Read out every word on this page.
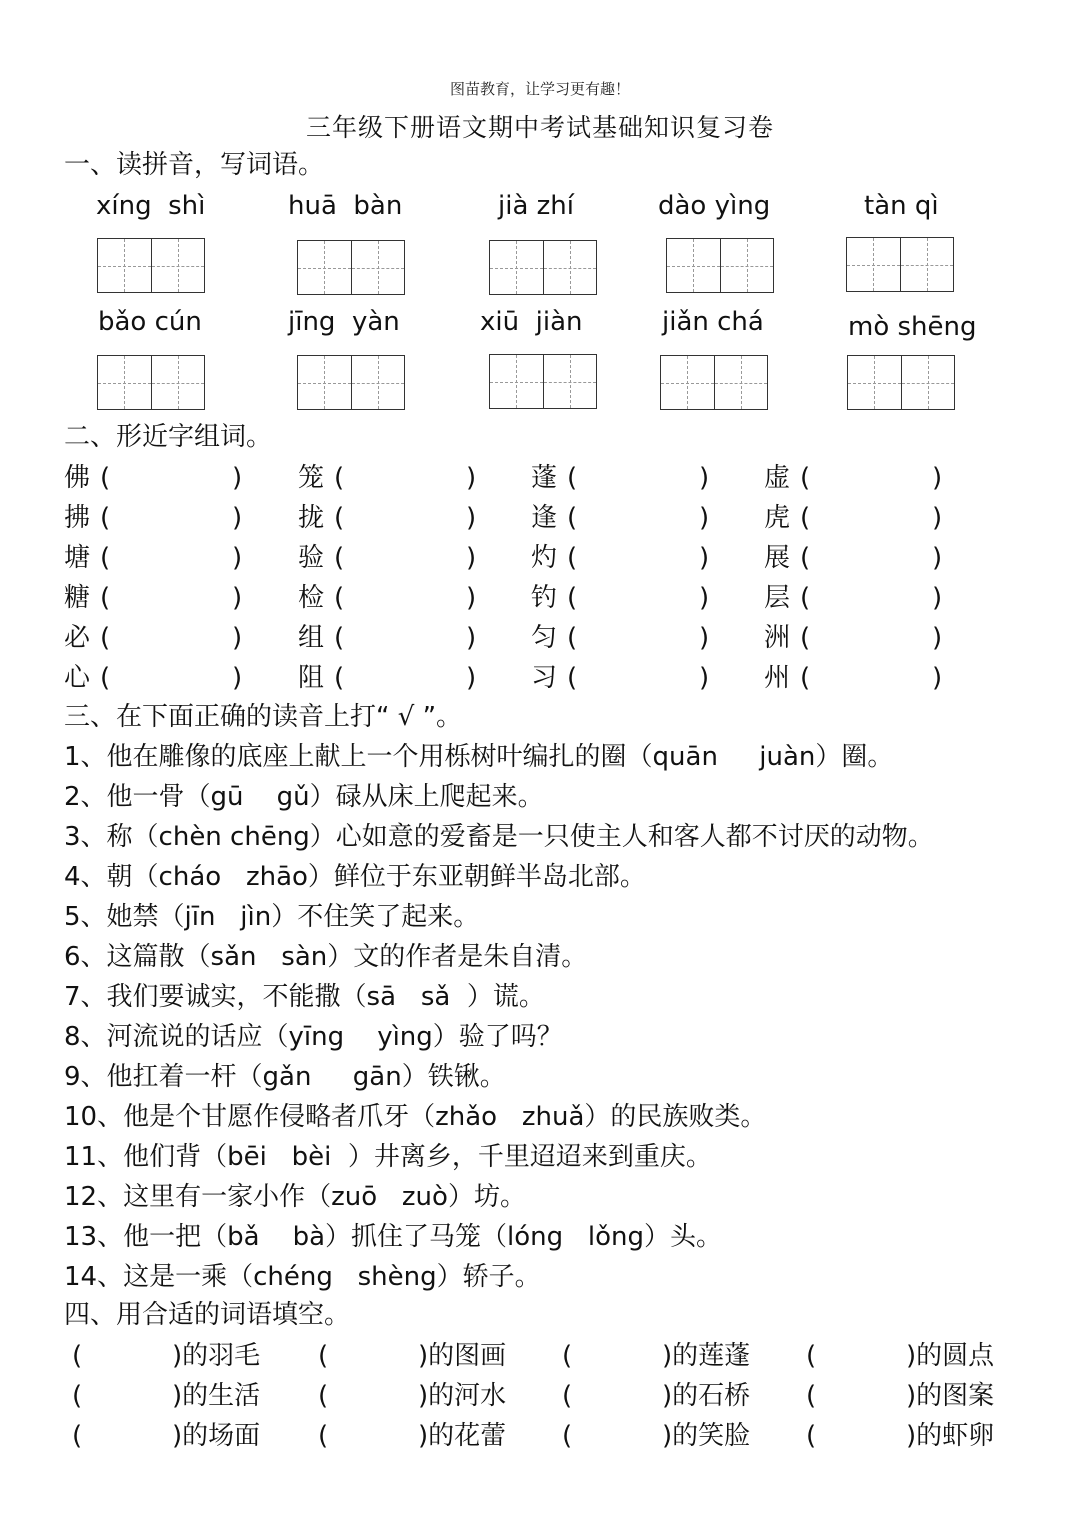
图苗教育，让学习更有趣！
三年级下册语文期中考试基础知识复习卷
一、读拼音，写词语。
xíng  shì	huā  bàn	jià zhí	dào yìng	tàn qì
bǎo cún	jīng  yàn	xiū  jiàn	jiǎn chá	mò shēng
二、形近字组词。
佛 (	) 笼 (	) 蓬 (	) 虚 (	)
拂 (	) 拢 (	) 逢 (	) 虎 (	)
塘 (	) 验 (	) 灼 (	) 展 (	)
糖 (	) 检 (	) 钓 (	) 层 (	)
必 (	) 组 (	) 匀 (	) 洲 (	)
心 (	) 阻 (	) 习 (	) 州 (	)
三、在下面正确的读音上打“ √ ”。
1、他在雕像的底座上献上一个用栎树叶编扎的圈（quān     juàn）圈。
2、他一骨（gū    gǔ）碌从床上爬起来。
3、称（chèn chēng）心如意的爱畜是一只使主人和客人都不讨厌的动物。
4、朝（cháo   zhāo）鲜位于东亚朝鲜半岛北部。
5、她禁（jīn   jìn）不住笑了起来。
6、这篇散（sǎn   sàn）文的作者是朱自清。
7、我们要诚实，不能撒（sā   sǎ  ）谎。
8、河流说的话应（yīng    yìng）验了吗？
9、他扛着一杆（gǎn     gān）铁锹。
10、他是个甘愿作侵略者爪牙（zhǎo   zhuǎ）的民族败类。
11、他们背（bēi   bèi  ）井离乡，千里迢迢来到重庆。
12、这里有一家小作（zuō   zuò）坊。
13、他一把（bǎ    bà）抓住了马笼（lóng   lǒng）头。
14、这是一乘（chéng   shèng）轿子。
四、用合适的词语填空。
(	)的羽毛 (	)的图画 (	)的莲蓬 (	)的圆点
(	)的生活 (	)的河水 (	)的石桥 (	)的图案
(	)的场面 (	)的花蕾 (	)的笑脸 (	)的虾卵
